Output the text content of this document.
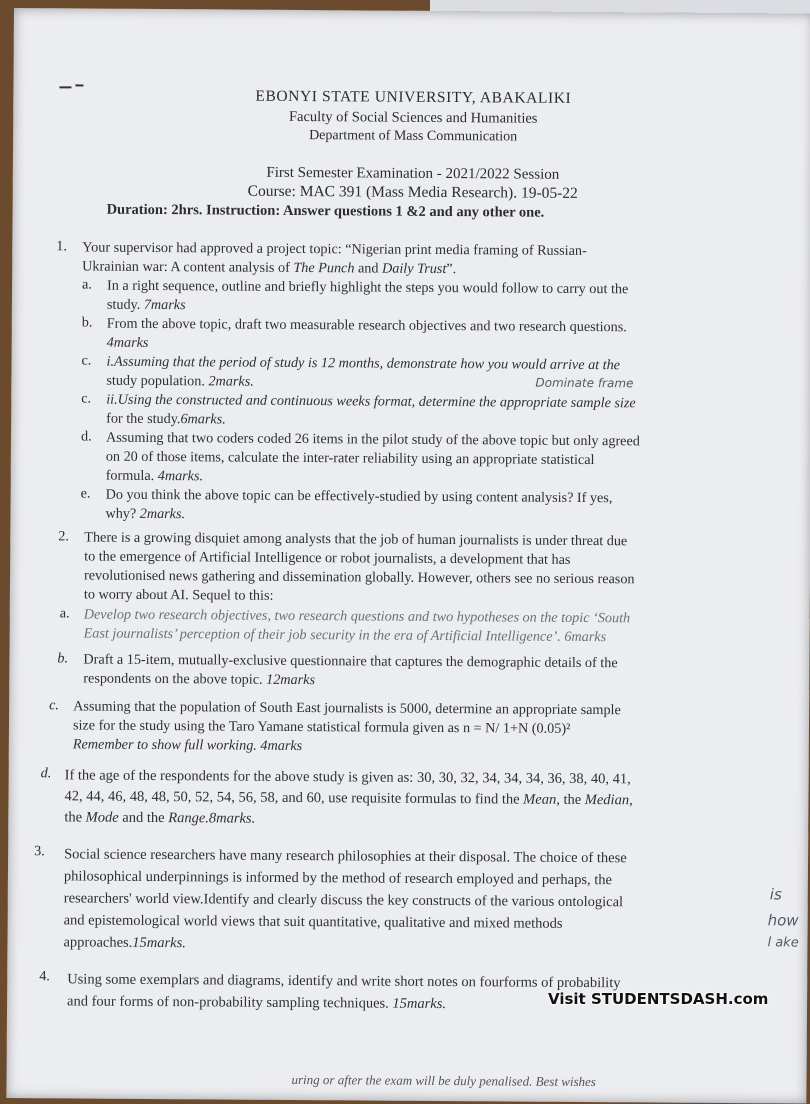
EBONYI STATE UNIVERSITY, ABAKALIKI
Faculty of Social Sciences and Humanities
Department of Mass Communication
First Semester Examination - 2021/2022 Session
Course: MAC 391 (Mass Media Research). 19-05-22
Duration: 2hrs. Instruction: Answer questions 1 &2 and any other one.
1. Your supervisor had approved a project topic: “Nigerian print media framing of Russian-
Ukrainian war: A content analysis of The Punch and Daily Trust”.
a. In a right sequence, outline and briefly highlight the steps you would follow to carry out the
study. 7marks
b. From the above topic, draft two measurable research objectives and two research questions.
4marks
c. i.Assuming that the period of study is 12 months, demonstrate how you would arrive at the
study population. 2marks.	Dominate frame
c. ii.Using the constructed and continuous weeks format, determine the appropriate sample size
for the study.6marks.
d. Assuming that two coders coded 26 items in the pilot study of the above topic but only agreed
on 20 of those items, calculate the inter-rater reliability using an appropriate statistical
formula. 4marks.
e. Do you think the above topic can be effectively-studied by using content analysis? If yes,
why? 2marks.
2. There is a growing disquiet among analysts that the job of human journalists is under threat due
to the emergence of Artificial Intelligence or robot journalists, a development that has
revolutionised news gathering and dissemination globally. However, others see no serious reason
to worry about AI. Sequel to this:
a. Develop two research objectives, two research questions and two hypotheses on the topic ‘South
East journalists’ perception of their job security in the era of Artificial Intelligence’. 6marks
b. Draft a 15-item, mutually-exclusive questionnaire that captures the demographic details of the
respondents on the above topic. 12marks
c. Assuming that the population of South East journalists is 5000, determine an appropriate sample
size for the study using the Taro Yamane statistical formula given as n = N/ 1+N (0.05)²
Remember to show full working. 4marks
d. If the age of the respondents for the above study is given as: 30, 30, 32, 34, 34, 34, 36, 38, 40, 41,
42, 44, 46, 48, 48, 50, 52, 54, 56, 58, and 60, use requisite formulas to find the Mean, the Median,
the Mode and the Range.8marks.
3. Social science researchers have many research philosophies at their disposal. The choice of these
philosophical underpinnings is informed by the method of research employed and perhaps, the
researchers' world view.Identify and clearly discuss the key constructs of the various ontological
and epistemological world views that suit quantitative, qualitative and mixed methods
approaches.15marks.
is
how
l ake
4. Using some exemplars and diagrams, identify and write short notes on fourforms of probability
and four forms of non-probability sampling techniques. 15marks.
uring or after the exam will be duly penalised. Best wishes
Visit STUDENTSDASH.com
